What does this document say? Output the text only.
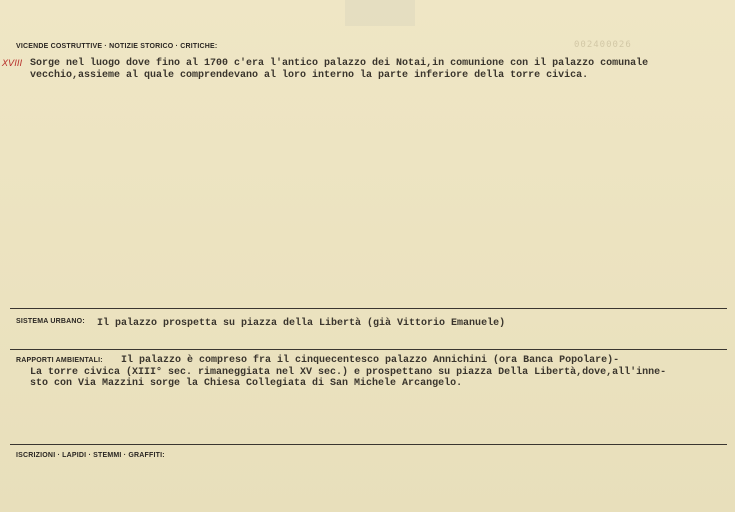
002400026
VICENDE COSTRUTTIVE · NOTIZIE STORICO · CRITICHE:
XVIII Sorge nel luogo dove fino al 1700 c'era l'antico palazzo dei Notai,in comunione con il palazzo comunale
vecchio,assieme al quale comprendevano al loro interno la parte inferiore della torre civica.
SISTEMA URBANO: Il palazzo prospetta su piazza della Libertà (già Vittorio Emanuele)
RAPPORTI AMBIENTALI: Il palazzo è compreso fra il cinquecentesco palazzo Annichini (ora Banca Popolare)-
La torre civica (XIII° sec. rimaneggiata nel XV sec.) e prospettano su piazza Della Libertà,dove,all'inne-
sto con Via Mazzini sorge la Chiesa Collegiata di San Michele Arcangelo.
ISCRIZIONI · LAPIDI · STEMMI · GRAFFITI:
